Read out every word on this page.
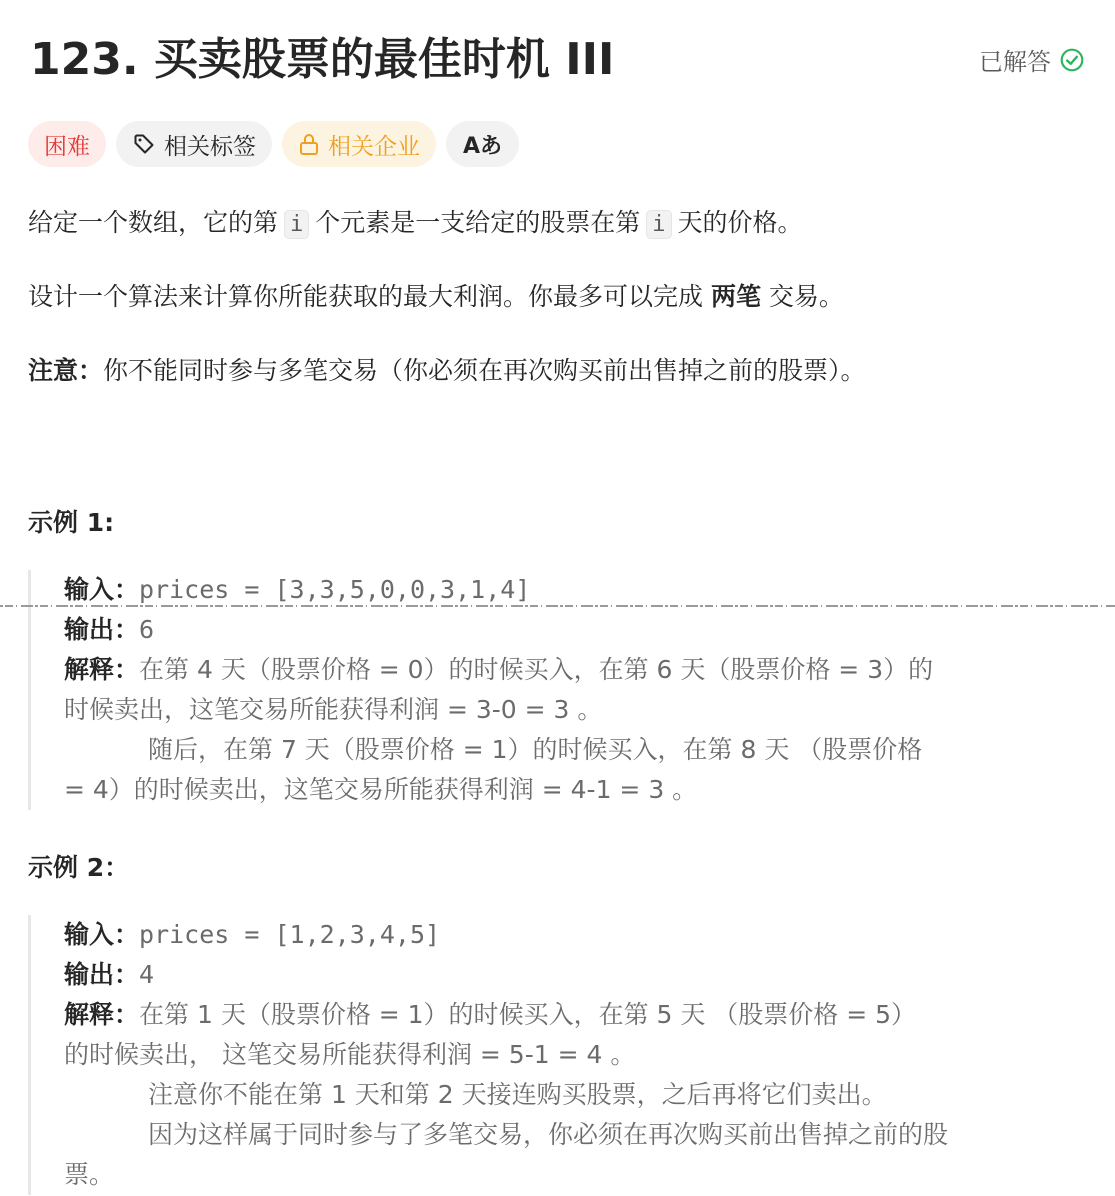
123. 买卖股票的最佳时机 III	已解答
困难	相关标签	相关企业 Aあ
给定一个数组，它的第 i 个元素是一支给定的股票在第 i 天的价格。
设计一个算法来计算你所能获取的最大利润。你最多可以完成 两笔 交易。
注意：你不能同时参与多笔交易（你必须在再次购买前出售掉之前的股票）。
示例 1:
输入：prices = [3,3,5,0,0,3,1,4]
输出：6
解释：在第 4 天（股票价格 = 0）的时候买入，在第 6 天（股票价格 = 3）的
时候卖出，这笔交易所能获得利润 = 3-0 = 3 。
随后，在第 7 天（股票价格 = 1）的时候买入，在第 8 天 （股票价格
= 4）的时候卖出，这笔交易所能获得利润 = 4-1 = 3 。
示例 2：
输入：prices = [1,2,3,4,5]
输出：4
解释：在第 1 天（股票价格 = 1）的时候买入，在第 5 天 （股票价格 = 5）
的时候卖出， 这笔交易所能获得利润 = 5-1 = 4 。
注意你不能在第 1 天和第 2 天接连购买股票，之后再将它们卖出。
因为这样属于同时参与了多笔交易，你必须在再次购买前出售掉之前的股
票。
